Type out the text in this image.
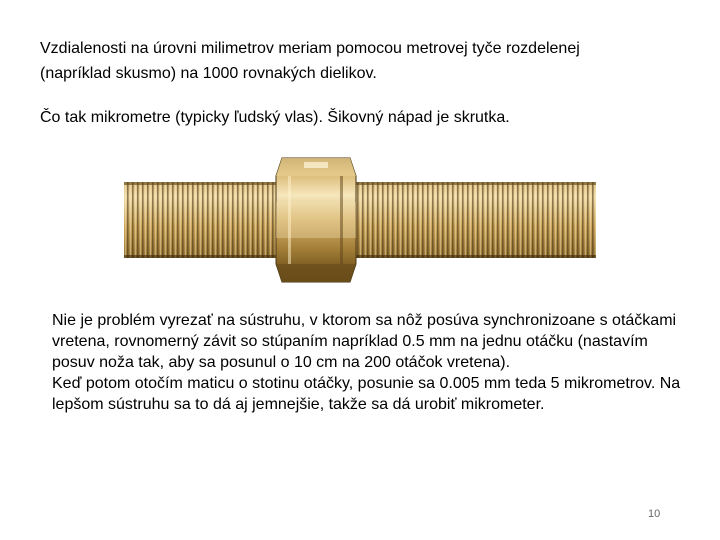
Vzdialenosti na úrovni milimetrov meriam pomocou metrovej tyče rozdelenej

(napríklad skusmo) na 1000 rovnakých dielikov.

Čo tak mikrometre (typicky ľudský vlas). Šikovný nápad je skrutka.

Nie je problém vyrezať na sústruhu, v ktorom sa nôž posúva synchronizoane s otáčkami vretena, rovnomerný závit so stúpaním napríklad 0.5 mm na jednu otáčku (nastavím posuv noža tak, aby sa posunul o 10 cm na 200 otáčok vretena).

Keď potom otočím maticu o stotinu otáčky, posunie sa 0.005 mm teda 5 mikrometrov. Na lepšom sústruhu sa to dá aj jemnejšie, takže sa dá urobiť mikrometer.

10
